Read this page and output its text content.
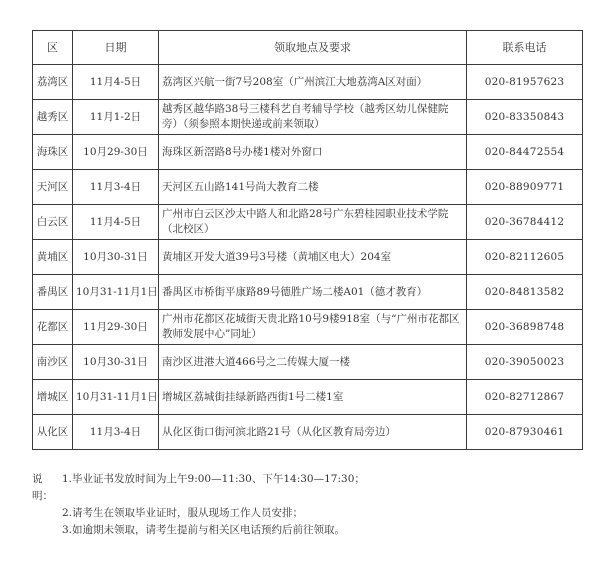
区	日期	领取地点及要求	联系电话
荔湾区	11月4-5日	荔湾区兴航一街7号208室（广州滨江大地荔湾A区对面）	020-81957623
越秀区	11月1-2日	越秀区越华路38号三楼科艺自考辅导学校（越秀区幼儿保健院旁）（须参照本期快递或前来领取）	020-83350843
海珠区	10月29-30日	海珠区新滘路8号办楼1楼对外窗口	020-84472554
天河区	11月3-4日	天河区五山路141号尚大教育二楼	020-88909771
白云区	11月4-5日	广州市白云区沙太中路人和北路28号广东碧桂园职业技术学院（北校区）	020-36784412
黄埔区	10月30-31日	黄埔区开发大道39号3号楼（黄埔区电大）204室	020-82112605
番禺区	10月31-11月1日	番禺区市桥街平康路89号德胜广场二楼A01（德才教育）	020-84813582
花都区	11月29-30日	广州市花都区花城街天贵北路10号9楼918室（与“广州市花都区教师发展中心”同址）	020-36898748
南沙区	10月30-31日	南沙区进港大道466号之二传媒大厦一楼	020-39050023
增城区	10月31-11月1日	增城区荔城街挂绿新路西街1号二楼1室	020-82712867
从化区	11月3-4日	从化区街口街河滨北路21号（从化区教育局旁边）	020-87930461
说明：
1.毕业证书发放时间为上午9:00—11:30、下午14:30—17:30；
2.请考生在领取毕业证时，服从现场工作人员安排；
3.如逾期未领取，请考生提前与相关区电话预约后前往领取。
